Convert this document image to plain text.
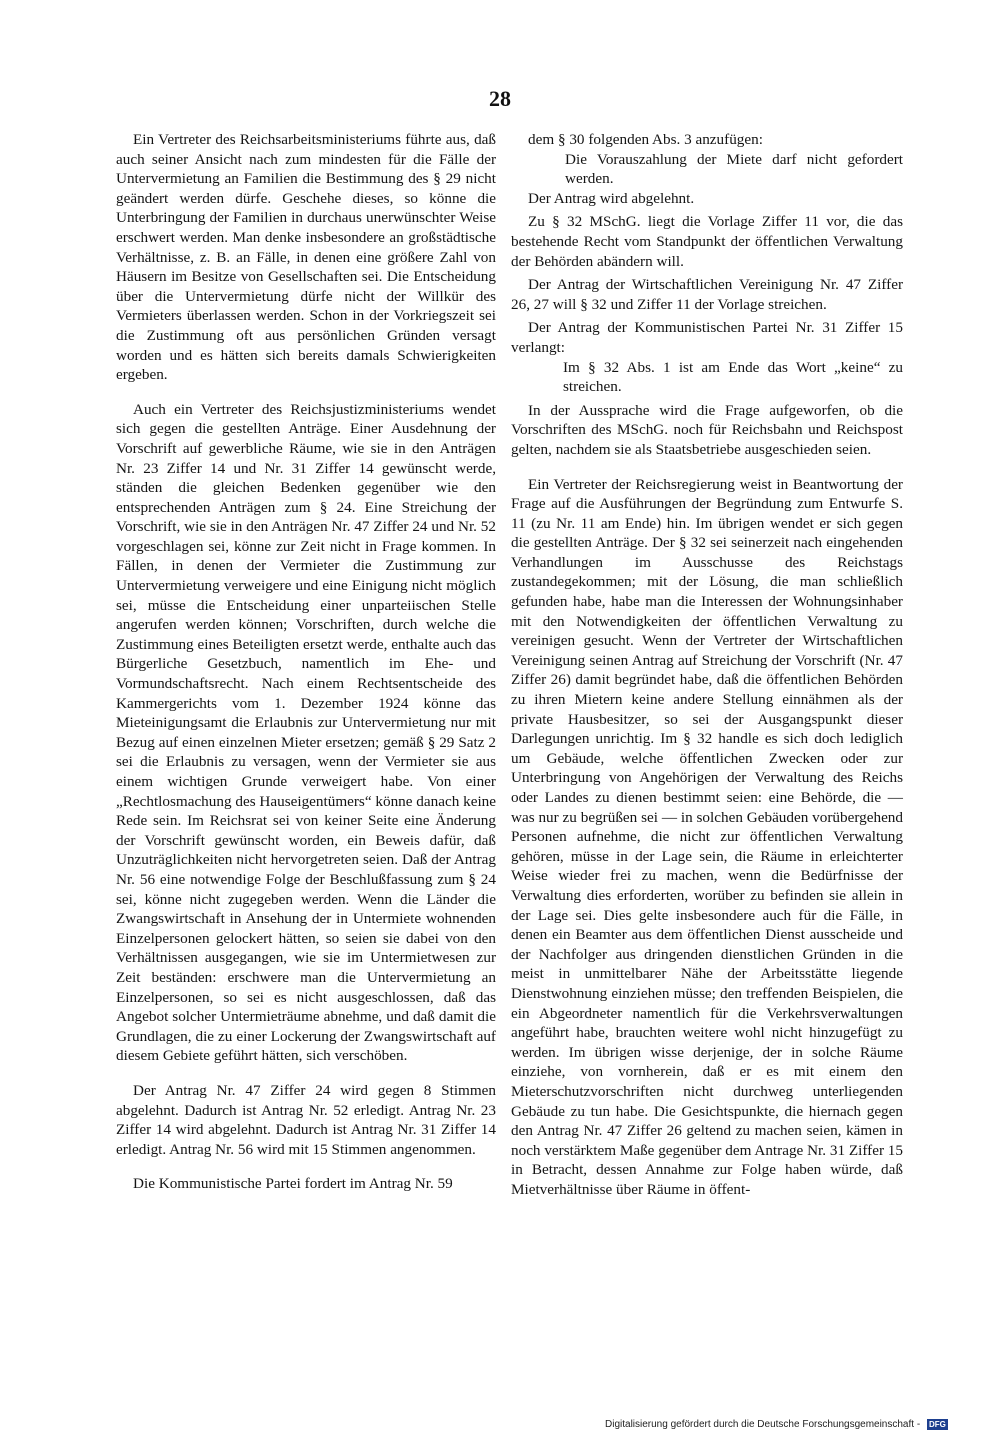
28

Ein Vertreter des Reichsarbeitsministeriums führte aus, daß auch seiner Ansicht nach zum mindesten für die Fälle der Untervermietung an Familien die Bestimmung des § 29 nicht geändert werden dürfe. Geschehe dieses, so könne die Unterbringung der Familien in durchaus unerwünschter Weise erschwert werden. Man denke insbesondere an großstädtische Verhältnisse, z. B. an Fälle, in denen eine größere Zahl von Häusern im Besitze von Gesellschaften sei. Die Entscheidung über die Untervermietung dürfe nicht der Willkür des Vermieters überlassen werden. Schon in der Vorkriegszeit sei die Zustimmung oft aus persönlichen Gründen versagt worden und es hätten sich bereits damals Schwierigkeiten ergeben.

Auch ein Vertreter des Reichsjustizministeriums wendet sich gegen die gestellten Anträge. Einer Ausdehnung der Vorschrift auf gewerbliche Räume, wie sie in den Anträgen Nr. 23 Ziffer 14 und Nr. 31 Ziffer 14 gewünscht werde, ständen die gleichen Bedenken gegenüber wie den entsprechenden Anträgen zum § 24. Eine Streichung der Vorschrift, wie sie in den Anträgen Nr. 47 Ziffer 24 und Nr. 52 vorgeschlagen sei, könne zur Zeit nicht in Frage kommen. In Fällen, in denen der Vermieter die Zustimmung zur Untervermietung verweigere und eine Einigung nicht möglich sei, müsse die Entscheidung einer unparteiischen Stelle angerufen werden können; Vorschriften, durch welche die Zustimmung eines Beteiligten ersetzt werde, enthalte auch das Bürgerliche Gesetzbuch, namentlich im Ehe- und Vormundschaftsrecht. Nach einem Rechtsentscheide des Kammergerichts vom 1. Dezember 1924 könne das Mieteinigungsamt die Erlaubnis zur Untervermietung nur mit Bezug auf einen einzelnen Mieter ersetzen; gemäß § 29 Satz 2 sei die Erlaubnis zu versagen, wenn der Vermieter sie aus einem wichtigen Grunde verweigert habe. Von einer „Rechtlosmachung des Hauseigentümers“ könne danach keine Rede sein. Im Reichsrat sei von keiner Seite eine Änderung der Vorschrift gewünscht worden, ein Beweis dafür, daß Unzuträglichkeiten nicht hervorgetreten seien. Daß der Antrag Nr. 56 eine notwendige Folge der Beschlußfassung zum § 24 sei, könne nicht zugegeben werden. Wenn die Länder die Zwangswirtschaft in Ansehung der in Untermiete wohnenden Einzelpersonen gelockert hätten, so seien sie dabei von den Verhältnissen ausgegangen, wie sie im Untermietwesen zur Zeit beständen: erschwere man die Untervermietung an Einzelpersonen, so sei es nicht ausgeschlossen, daß das Angebot solcher Untermieträume abnehme, und daß damit die Grundlagen, die zu einer Lockerung der Zwangswirtschaft auf diesem Gebiete geführt hätten, sich verschöben.

Der Antrag Nr. 47 Ziffer 24 wird gegen 8 Stimmen abgelehnt. Dadurch ist Antrag Nr. 52 erledigt. Antrag Nr. 23 Ziffer 14 wird abgelehnt. Dadurch ist Antrag Nr. 31 Ziffer 14 erledigt. Antrag Nr. 56 wird mit 15 Stimmen angenommen.

Die Kommunistische Partei fordert im Antrag Nr. 59

dem § 30 folgenden Abs. 3 anzufügen:

Die Vorauszahlung der Miete darf nicht gefordert werden.

Der Antrag wird abgelehnt.

Zu § 32 MSchG. liegt die Vorlage Ziffer 11 vor, die das bestehende Recht vom Standpunkt der öffentlichen Verwaltung der Behörden abändern will.

Der Antrag der Wirtschaftlichen Vereinigung Nr. 47 Ziffer 26, 27 will § 32 und Ziffer 11 der Vorlage streichen.

Der Antrag der Kommunistischen Partei Nr. 31 Ziffer 15 verlangt:

Im § 32 Abs. 1 ist am Ende das Wort „keine“ zu streichen.

In der Aussprache wird die Frage aufgeworfen, ob die Vorschriften des MSchG. noch für Reichsbahn und Reichspost gelten, nachdem sie als Staatsbetriebe ausgeschieden seien.

Ein Vertreter der Reichsregierung weist in Beantwortung der Frage auf die Ausführungen der Begründung zum Entwurfe S. 11 (zu Nr. 11 am Ende) hin. Im übrigen wendet er sich gegen die gestellten Anträge. Der § 32 sei seinerzeit nach eingehenden Verhandlungen im Ausschusse des Reichstags zustandegekommen; mit der Lösung, die man schließlich gefunden habe, habe man die Interessen der Wohnungsinhaber mit den Notwendigkeiten der öffentlichen Verwaltung zu vereinigen gesucht. Wenn der Vertreter der Wirtschaftlichen Vereinigung seinen Antrag auf Streichung der Vorschrift (Nr. 47 Ziffer 26) damit begründet habe, daß die öffentlichen Behörden zu ihren Mietern keine andere Stellung einnähmen als der private Hausbesitzer, so sei der Ausgangspunkt dieser Darlegungen unrichtig. Im § 32 handle es sich doch lediglich um Gebäude, welche öffentlichen Zwecken oder zur Unterbringung von Angehörigen der Verwaltung des Reichs oder Landes zu dienen bestimmt seien: eine Behörde, die — was nur zu begrüßen sei — in solchen Gebäuden vorübergehend Personen aufnehme, die nicht zur öffentlichen Verwaltung gehören, müsse in der Lage sein, die Räume in erleichterter Weise wieder frei zu machen, wenn die Bedürfnisse der Verwaltung dies erforderten, worüber zu befinden sie allein in der Lage sei. Dies gelte insbesondere auch für die Fälle, in denen ein Beamter aus dem öffentlichen Dienst ausscheide und der Nachfolger aus dringenden dienstlichen Gründen in die meist in unmittelbarer Nähe der Arbeitsstätte liegende Dienstwohnung einziehen müsse; den treffenden Beispielen, die ein Abgeordneter namentlich für die Verkehrsverwaltungen angeführt habe, brauchten weitere wohl nicht hinzugefügt zu werden. Im übrigen wisse derjenige, der in solche Räume einziehe, von vornherein, daß er es mit einem den Mieterschutzvorschriften nicht durchweg unterliegenden Gebäude zu tun habe. Die Gesichtspunkte, die hiernach gegen den Antrag Nr. 47 Ziffer 26 geltend zu machen seien, kämen in noch verstärktem Maße gegenüber dem Antrage Nr. 31 Ziffer 15 in Betracht, dessen Annahme zur Folge haben würde, daß Mietverhältnisse über Räume in öffent-

Digitalisierung gefördert durch die Deutsche Forschungsgemeinschaft - DFG
